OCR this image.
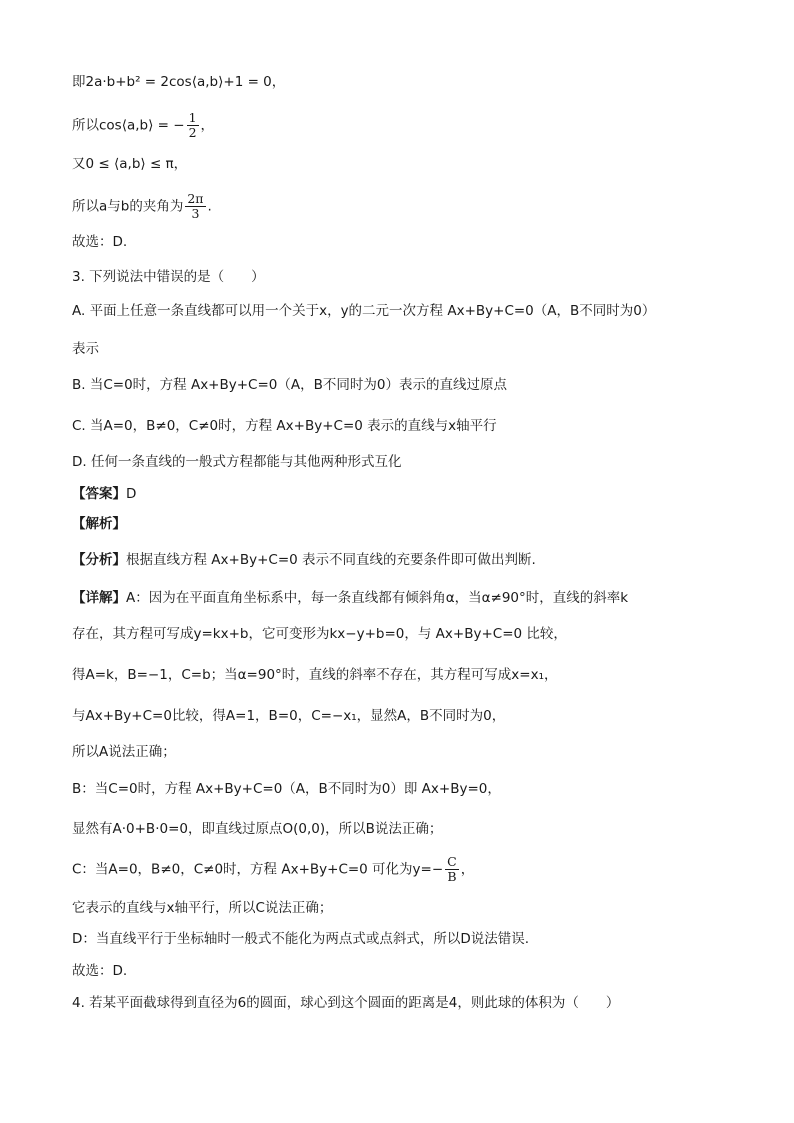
即2a·b+b² = 2cos⟨a,b⟩+1 = 0，
所以cos⟨a,b⟩ = − $\frac{1}{2}$ ，
又0 ≤ ⟨a,b⟩ ≤ π，
所以a与b的夹角为 $\frac{2\pi}{3}$ .
故选：D.
3. 下列说法中错误的是（　　）
A. 平面上任意一条直线都可以用一个关于x，y的二元一次方程 Ax+By+C=0（A，B不同时为0）
表示
B. 当C=0时，方程 Ax+By+C=0（A，B不同时为0）表示的直线过原点
C. 当A=0，B≠0，C≠0时，方程 Ax+By+C=0 表示的直线与x轴平行
D. 任何一条直线的一般式方程都能与其他两种形式互化
【答案】D
【解析】
【分析】根据直线方程 Ax+By+C=0 表示不同直线的充要条件即可做出判断.
【详解】A：因为在平面直角坐标系中，每一条直线都有倾斜角α，当α≠90°时，直线的斜率k
存在，其方程可写成y=kx+b，它可变形为kx−y+b=0，与 Ax+By+C=0 比较，
得A=k，B=−1，C=b；当α=90°时，直线的斜率不存在，其方程可写成x=x₁，
与Ax+By+C=0比较，得A=1，B=0，C=−x₁，显然A，B不同时为0，
所以A说法正确；
B：当C=0时，方程 Ax+By+C=0（A，B不同时为0）即 Ax+By=0，
显然有A·0+B·0=0，即直线过原点O(0,0)，所以B说法正确；
C：当A=0，B≠0，C≠0时，方程 Ax+By+C=0 可化为$y=- \frac{C}{B}$ ，
它表示的直线与x轴平行，所以C说法正确；
D：当直线平行于坐标轴时一般式不能化为两点式或点斜式，所以D说法错误.
故选：D.
4. 若某平面截球得到直径为6的圆面，球心到这个圆面的距离是4，则此球的体积为（　　）
